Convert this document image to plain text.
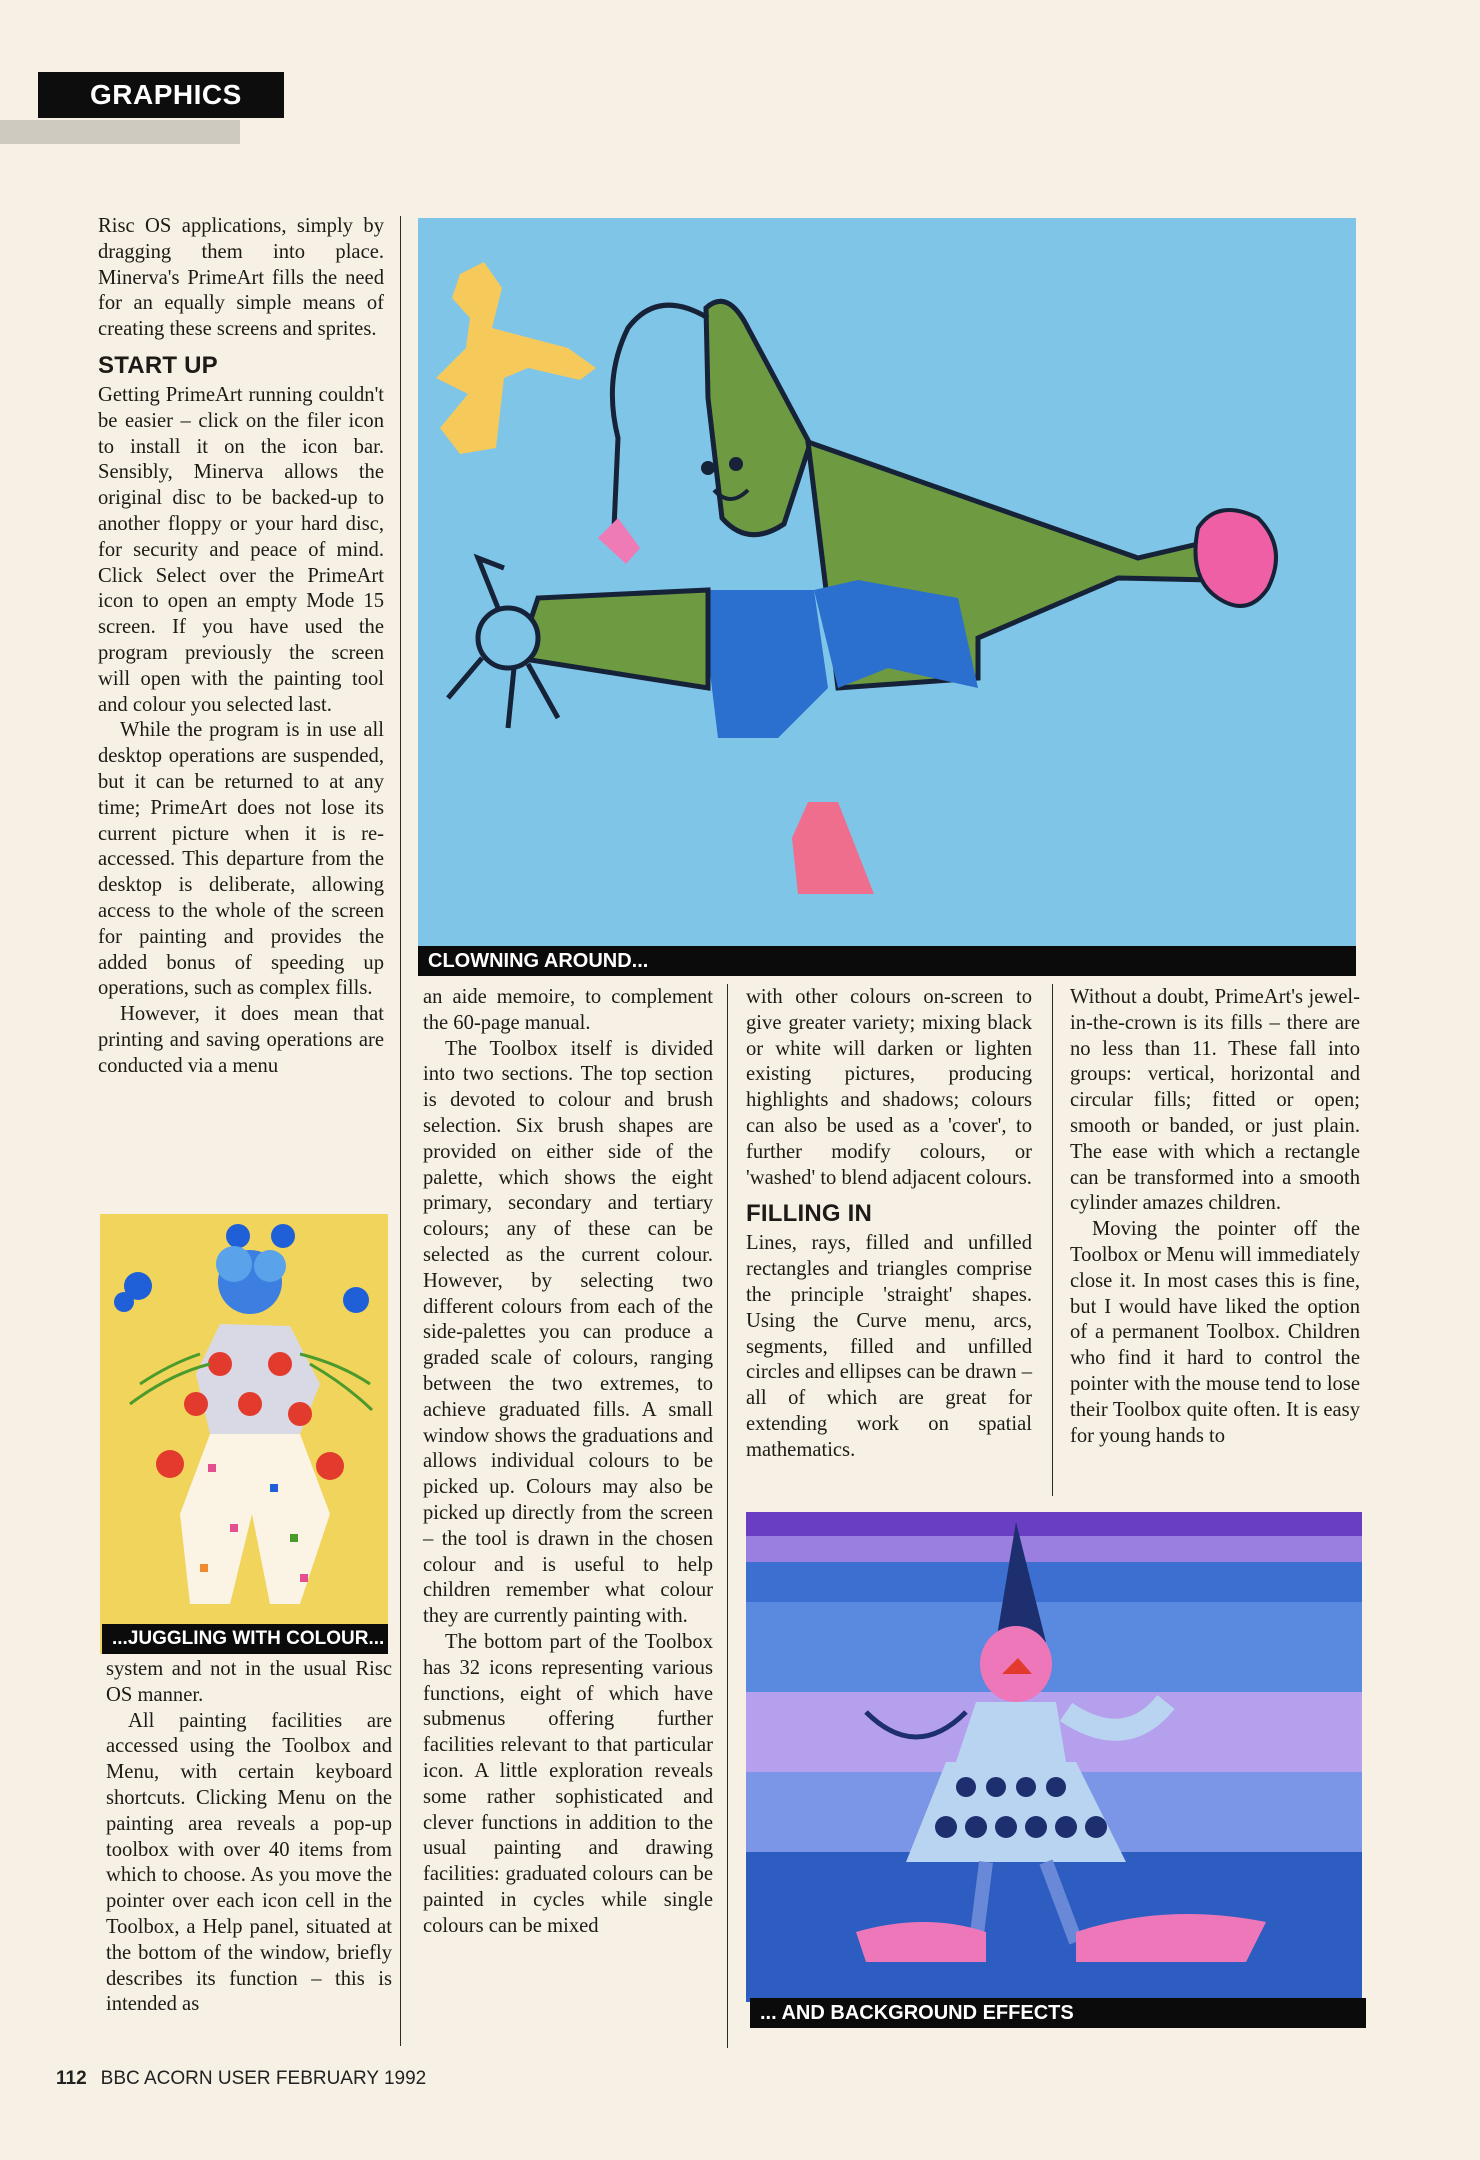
GRAPHICS

Risc OS applications, simply by dragging them into place. Minerva's PrimeArt fills the need for an equally simple means of creating these screens and sprites.

START UP

Getting PrimeArt running couldn't be easier – click on the filer icon to install it on the icon bar. Sensibly, Minerva allows the original disc to be backed-up to another floppy or your hard disc, for security and peace of mind. Click Select over the PrimeArt icon to open an empty Mode 15 screen. If you have used the program previously the screen will open with the painting tool and colour you selected last.

While the program is in use all desktop operations are suspended, but it can be returned to at any time; PrimeArt does not lose its current picture when it is re-accessed. This departure from the desktop is deliberate, allowing access to the whole of the screen for painting and provides the added bonus of speeding up operations, such as complex fills.

However, it does mean that printing and saving operations are conducted via a menu

...JUGGLING WITH COLOUR...

system and not in the usual Risc OS manner.

All painting facilities are accessed using the Toolbox and Menu, with certain keyboard shortcuts. Clicking Menu on the painting area reveals a pop-up toolbox with over 40 items from which to choose. As you move the pointer over each icon cell in the Toolbox, a Help panel, situated at the bottom of the window, briefly describes its function – this is intended as

CLOWNING AROUND...

an aide memoire, to complement the 60-page manual.

The Toolbox itself is divided into two sections. The top section is devoted to colour and brush selection. Six brush shapes are provided on either side of the palette, which shows the eight primary, secondary and tertiary colours; any of these can be selected as the current colour. However, by selecting two different colours from each of the side-palettes you can produce a graded scale of colours, ranging between the two extremes, to achieve graduated fills. A small window shows the graduations and allows individual colours to be picked up. Colours may also be picked up directly from the screen – the tool is drawn in the chosen colour and is useful to help children remember what colour they are currently painting with.

The bottom part of the Toolbox has 32 icons representing various functions, eight of which have submenus offering further facilities relevant to that particular icon. A little exploration reveals some rather sophisticated and clever functions in addition to the usual painting and drawing facilities: graduated colours can be painted in cycles while single colours can be mixed

with other colours on-screen to give greater variety; mixing black or white will darken or lighten existing pictures, producing highlights and shadows; colours can also be used as a 'cover', to further modify colours, or 'washed' to blend adjacent colours.

FILLING IN

Lines, rays, filled and unfilled rectangles and triangles comprise the principle 'straight' shapes. Using the Curve menu, arcs, segments, filled and unfilled circles and ellipses can be drawn – all of which are great for extending work on spatial mathematics.

Without a doubt, PrimeArt's jewel-in-the-crown is its fills – there are no less than 11. These fall into groups: vertical, horizontal and circular fills; fitted or open; smooth or banded, or just plain. The ease with which a rectangle can be transformed into a smooth cylinder amazes children.

Moving the pointer off the Toolbox or Menu will immediately close it. In most cases this is fine, but I would have liked the option of a permanent Toolbox. Children who find it hard to control the pointer with the mouse tend to lose their Toolbox quite often. It is easy for young hands to

... AND BACKGROUND EFFECTS
112 BBC ACORN USER FEBRUARY 1992
